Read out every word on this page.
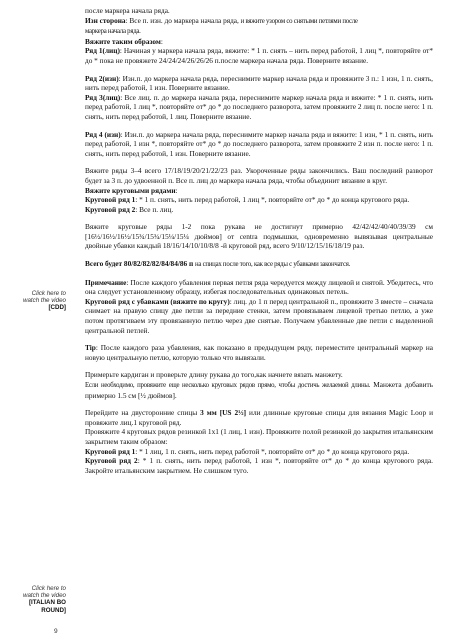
Click here to
watch the video
[CDD]
Click here to
watch the video
[ITALIAN BO
ROUND]
9

после маркера начала ряда.

Изн сторона: Все п. изн. до маркера начала ряда, и вяжите узором со снятыми петлями после

маркера начала ряда.

Вяжите таким образом:

Ряд 1(лиц): Начиная у маркера начала ряда, вяжите: * 1 п. снять – нить перед работой, 1 лиц *, повторяйте от* до * пока не провяжете 24/24/24/26/26/26 п.после маркера начала ряда. Поверните вязание.

Ряд 2(изн): Изн.п. до маркера начала ряда, переснимите маркер начала ряда и провяжите 3 п.: 1 изн, 1 п. снять, нить перед работой, 1 изн. Поверните вязание.

Ряд 3(лиц): Все лиц. п. до маркера начала ряда, переснимите маркер начала ряда и вяжите: * 1 п. снять, нить перед работой, 1 лиц *, повторяйте от* до * до последнего разворота, затем провяжите 2 лиц п. после него: 1 п. снять, нить перед работой, 1 лиц. Поверните вязание.

Ряд 4 (изн): Изн.п. до маркера начала ряда, переснимите маркер начала ряда и вяжите: 1 изн, * 1 п. снять, нить перед работой, 1 изн *, повторяйте от* до * до последнего разворота, затем провяжите 2 изн п. после него: 1 п. снять, нить перед работой, 1 изн. Поверните вязание.

Вяжите ряды 3–4 всего 17/18/19/20/21/22/23 раз. Укороченные ряды закончились. Ваш последний разворот будет за 3 п. до удвоенной п. Все п. лиц до маркера начала ряда, чтобы объединит вязание в круг.

Вяжите круговыми рядами:

Круговой ряд 1: * 1 п. снять, нить перед работой, 1 лиц *, повторяйте от* до * до конца кругового ряда.

Круговой ряд 2: Все п. лиц.

Вяжите круговые ряды 1-2 пока рукава не достигнут примерно 42/42/42/40/40/39/39 см [16½/16½/16½/15¾/15¾/15¼/15¼ дюймов] от centra подмышки, одновременно вывязывая центральные двойные убавки каждый 18/16/14/10/10/8/8 -й круговой ряд, всего 9/10/12/15/16/18/19 раз.

Всего будет 80/82/82/82/84/84/86 п на спицах после того, как все ряды с убавками закончатся.

Примечание: После каждого убавления первая петля ряда чередуется между лицевой и снятой. Убедитесь, что она следует установленному образцу, избегая последовательных одинаковых петель.

Круговой ряд с убавками (вяжите по кругу): лиц. до 1 п перед центральной п., провяжите 3 вместе – сначала снимает на правую спицу две петли за передние стенки, затем провязываем лицевой третью петлю, а уже потом протягиваем эту провязанную петлю через две снятые. Получаем убавленные две петли с выделенной центральной петлей.

Tip: После каждого раза убавления, как показано в предыдущем ряду, переместите центральный маркер на новую центральную петлю, которую только что вывязали.

Примерьте кардиган и проверьте длину рукава до того,как начнете вязать манжету.

Если необходимо, провяжите еще несколько круговых рядов прямо, чтобы достичь желаемой длины. Манжета добавить примерно 1.5 см [½ дюймов].

Перейдите на двусторонние спицы 3 мм [US 2½] или длинные круговые спицы для вязания Magic Loop и провяжите лиц.1 круговой ряд.

Провяжите 4 круговых рядов резинкой 1x1 (1 лиц, 1 изн). Провяжите полой резинкой до закрытия итальянским закрытием таким образом:

Круговой ряд 1: * 1 лиц, 1 п. снять, нить перед работой *, повторяйте от* до * до конца кругового ряда.

Круговой ряд 2: * 1 п. снять, нить перед работой, 1 изн *, повторяйте от* до * до конца кругового ряда. Закройте итальянским закрытием. Не слишком туго.
